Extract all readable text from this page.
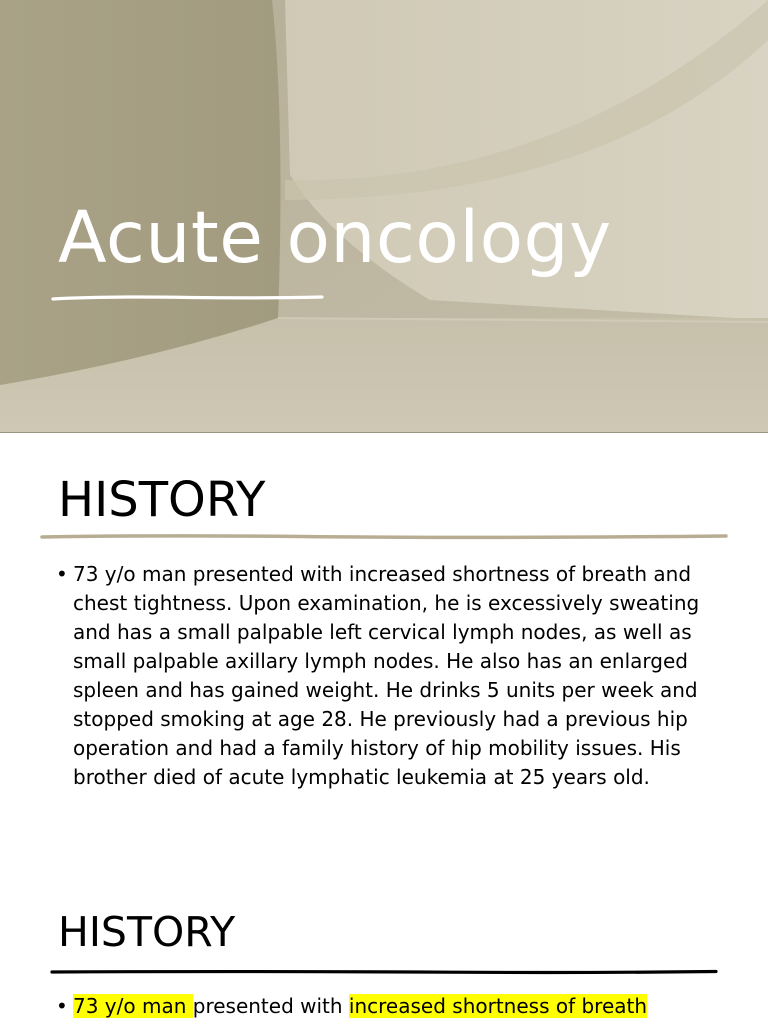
Acute oncology
HISTORY
• 73 y/o man presented with increased shortness of breath and chest tightness. Upon examination, he is excessively sweating and has a small palpable left cervical lymph nodes, as well as small palpable axillary lymph nodes. He also has an enlarged spleen and has gained weight. He drinks 5 units per week and stopped smoking at age 28. He previously had a previous hip operation and had a family history of hip mobility issues. His brother died of acute lymphatic leukemia at 25 years old.
HISTORY
• 73 y/o man presented with increased shortness of breath
